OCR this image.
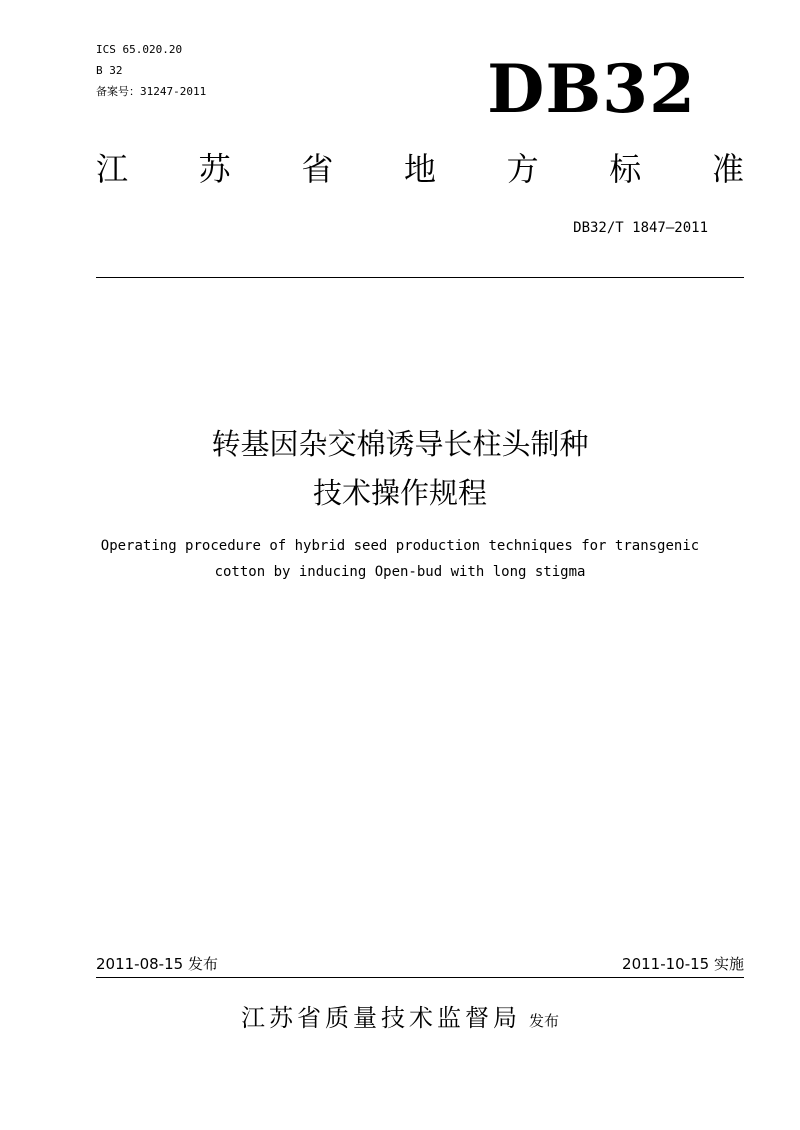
ICS 65.020.20
B 32
备案号：31247-2011	DB32
江 苏 省 地 方 标 准
DB32/T 1847—2011
转基因杂交棉诱导长柱头制种
技术操作规程
Operating procedure of hybrid seed production techniques for transgenic
cotton by inducing Open-bud with long stigma
2011-08-15 发布	2011-10-15 实施
江苏省质量技术监督局 发布
